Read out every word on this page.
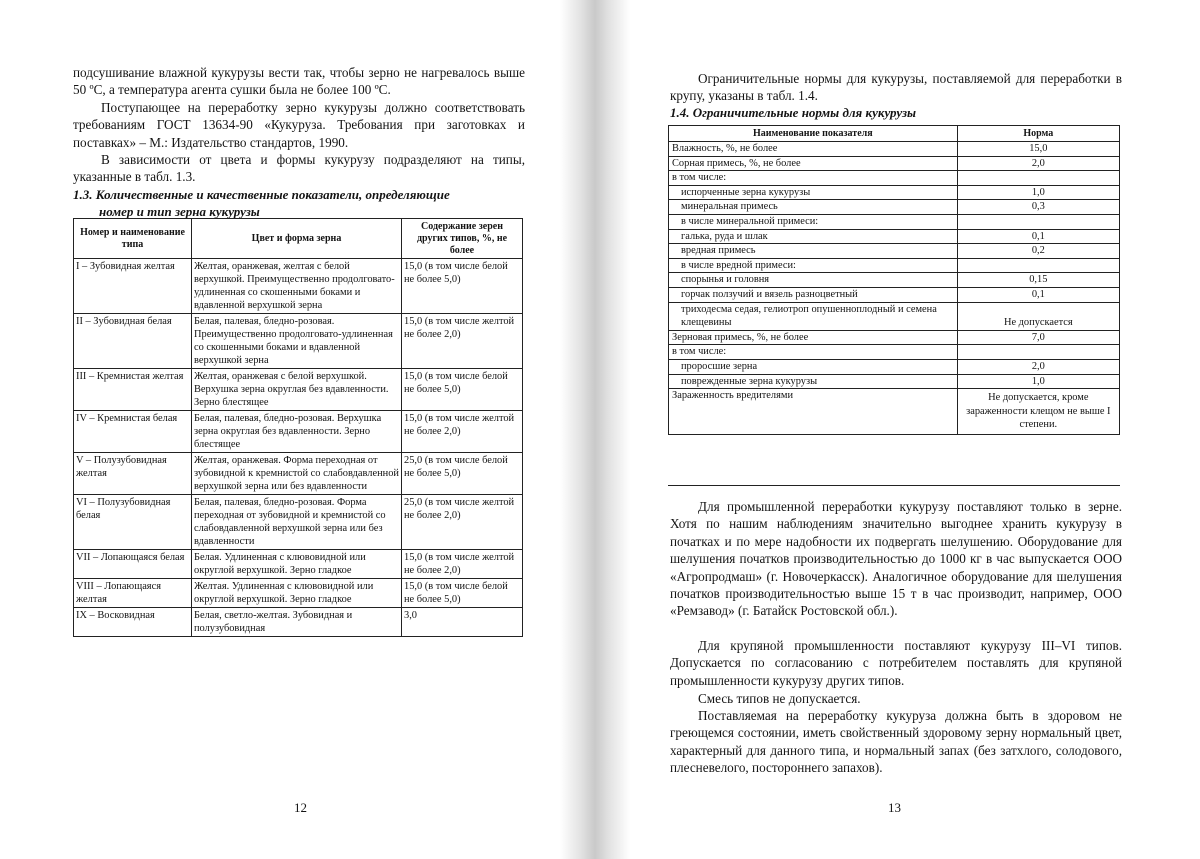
подсушивание влажной кукурузы вести так, чтобы зерно не нагревалось выше 50 ºC, а температура агента сушки была не более 100 ºC.

Поступающее на переработку зерно кукурузы должно соответствовать требованиям ГОСТ 13634-90 «Кукуруза. Требования при заготовках и поставках» – М.: Издательство стандартов, 1990.

В зависимости от цвета и формы кукурузу подразделяют на типы, указанные в табл. 1.3.

1.3. Количественные и качественные показатели, определяющие
номер и тип зерна кукурузы
Номер и наименование типа	Цвет и форма зерна	Содержание зерен других типов, %, не более
I – Зубовидная желтая	Желтая, оранжевая, желтая с белой верхушкой. Преимущественно продолговато-удлиненная со скошенными боками и вдавленной верхушкой зерна	15,0 (в том числе белой не более 5,0)
II – Зубовидная белая	Белая, палевая, бледно-розовая. Преимущественно продолговато-удлиненная со скошенными боками и вдавленной верхушкой зерна	15,0 (в том числе желтой не более 2,0)
III – Кремнистая желтая	Желтая, оранжевая с белой верхушкой. Верхушка зерна округлая без вдавленности. Зерно блестящее	15,0 (в том числе белой не более 5,0)
IV – Кремнистая белая	Белая, палевая, бледно-розовая. Верхушка зерна округлая без вдавленности. Зерно блестящее	15,0 (в том числе желтой не более 2,0)
V – Полузубовидная желтая	Желтая, оранжевая. Форма переходная от зубовидной к кремнистой со слабовдавленной верхушкой зерна или без вдавленности	25,0 (в том числе белой не более 5,0)
VI – Полузубовидная белая	Белая, палевая, бледно-розовая. Форма переходная от зубовидной и кремнистой со слабовдавленной верхушкой зерна или без вдавленности	25,0 (в том числе желтой не более 2,0)
VII – Лопающаяся белая	Белая. Удлиненная с клювовидной или округлой верхушкой. Зерно гладкое	15,0 (в том числе желтой не более 2,0)
VIII – Лопающаяся желтая	Желтая. Удлиненная с клювовидной или округлой верхушкой. Зерно гладкое	15,0 (в том числе белой не более 5,0)
IX – Восковидная	Белая, светло-желтая. Зубовидная и полузубовидная	3,0
12

Ограничительные нормы для кукурузы, поставляемой для переработки в крупу, указаны в табл. 1.4.

1.4. Ограничительные нормы для кукурузы
Наименование показателя	Норма
Влажность, %, не более	15,0
Сорная примесь, %, не более	2,0
в том числе:	
испорченные зерна кукурузы	1,0
минеральная примесь	0,3
в числе минеральной примеси:	
галька, руда и шлак	0,1
вредная примесь	0,2
в числе вредной примеси:	
спорынья и головня	0,15
горчак ползучий и вязель разноцветный	0,1
триходесма седая, гелиотроп опушенноплодный и семена клещевины	Не допускается
Зерновая примесь, %, не более	7,0
в том числе:	
проросшие зерна	2,0
поврежденные зерна кукурузы	1,0
Зараженность вредителями	Не допускается, кроме зараженности клещом не выше I степени.

Для промышленной переработки кукурузу поставляют только в зерне. Хотя по нашим наблюдениям значительно выгоднее хранить кукурузу в початках и по мере надобности их подвергать шелушению. Оборудование для шелушения початков производительностью до 1000 кг в час выпускается ООО «Агропродмаш» (г. Новочеркасск). Аналогичное оборудование для шелушения початков производительностью выше 15 т в час производит, например, ООО «Ремзавод» (г. Батайск Ростовской обл.).

Для крупяной промышленности поставляют кукурузу III–VI типов. Допускается по согласованию с потребителем поставлять для крупяной промышленности кукурузу других типов.

Смесь типов не допускается.

Поставляемая на переработку кукуруза должна быть в здоровом не греющемся состоянии, иметь свойственный здоровому зерну нормальный цвет, характерный для данного типа, и нормальный запах (без затхлого, солодового, плесневелого, постороннего запахов).

13
